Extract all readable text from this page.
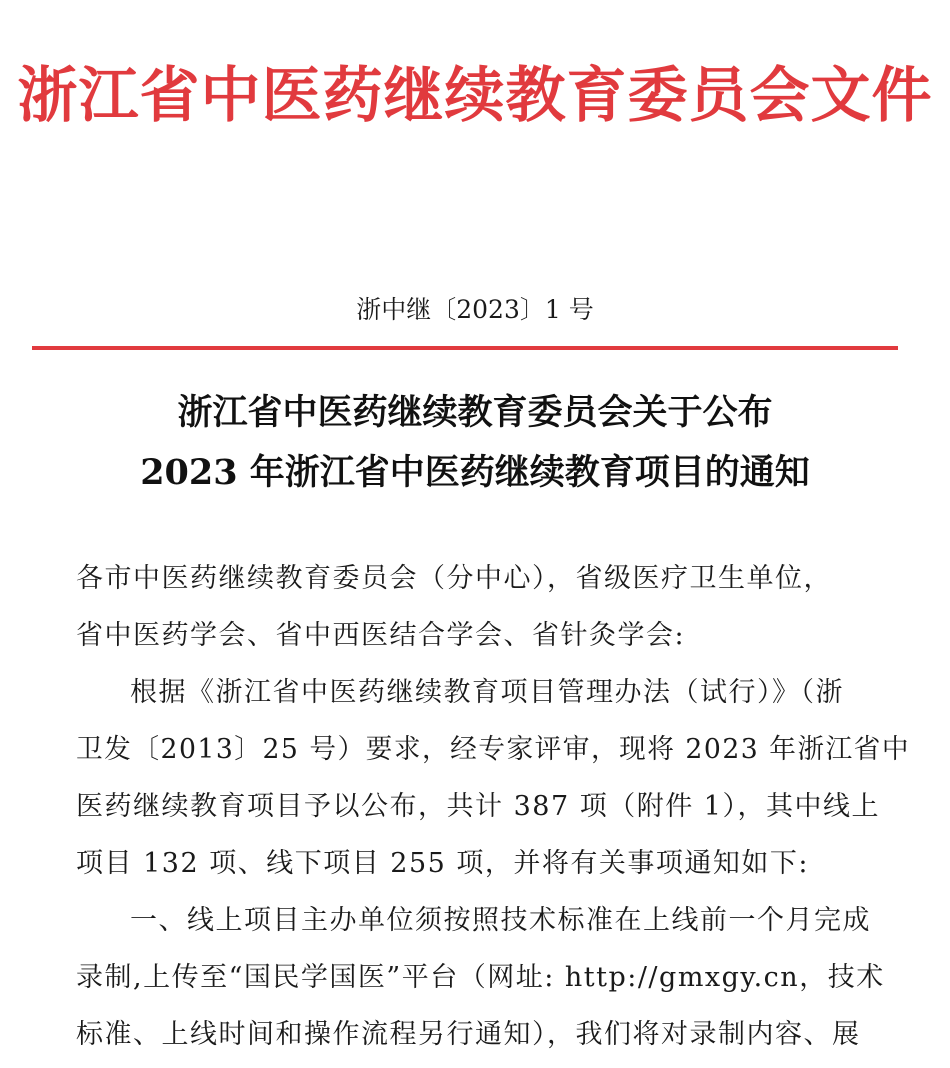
浙江省中医药继续教育委员会文件
浙中继〔2023〕1 号
浙江省中医药继续教育委员会关于公布
2023 年浙江省中医药继续教育项目的通知
各市中医药继续教育委员会（分中心），省级医疗卫生单位，
省中医药学会、省中西医结合学会、省针灸学会:
根据《浙江省中医药继续教育项目管理办法（试行）》（浙
卫发〔2013〕25 号）要求，经专家评审，现将 2023 年浙江省中
医药继续教育项目予以公布，共计 387 项（附件 1），其中线上
项目 132 项、线下项目 255 项，并将有关事项通知如下:
一、线上项目主办单位须按照技术标准在上线前一个月完成
录制,上传至“国民学国医”平台（网址: http://gmxgy.cn，技术
标准、上线时间和操作流程另行通知），我们将对录制内容、展
